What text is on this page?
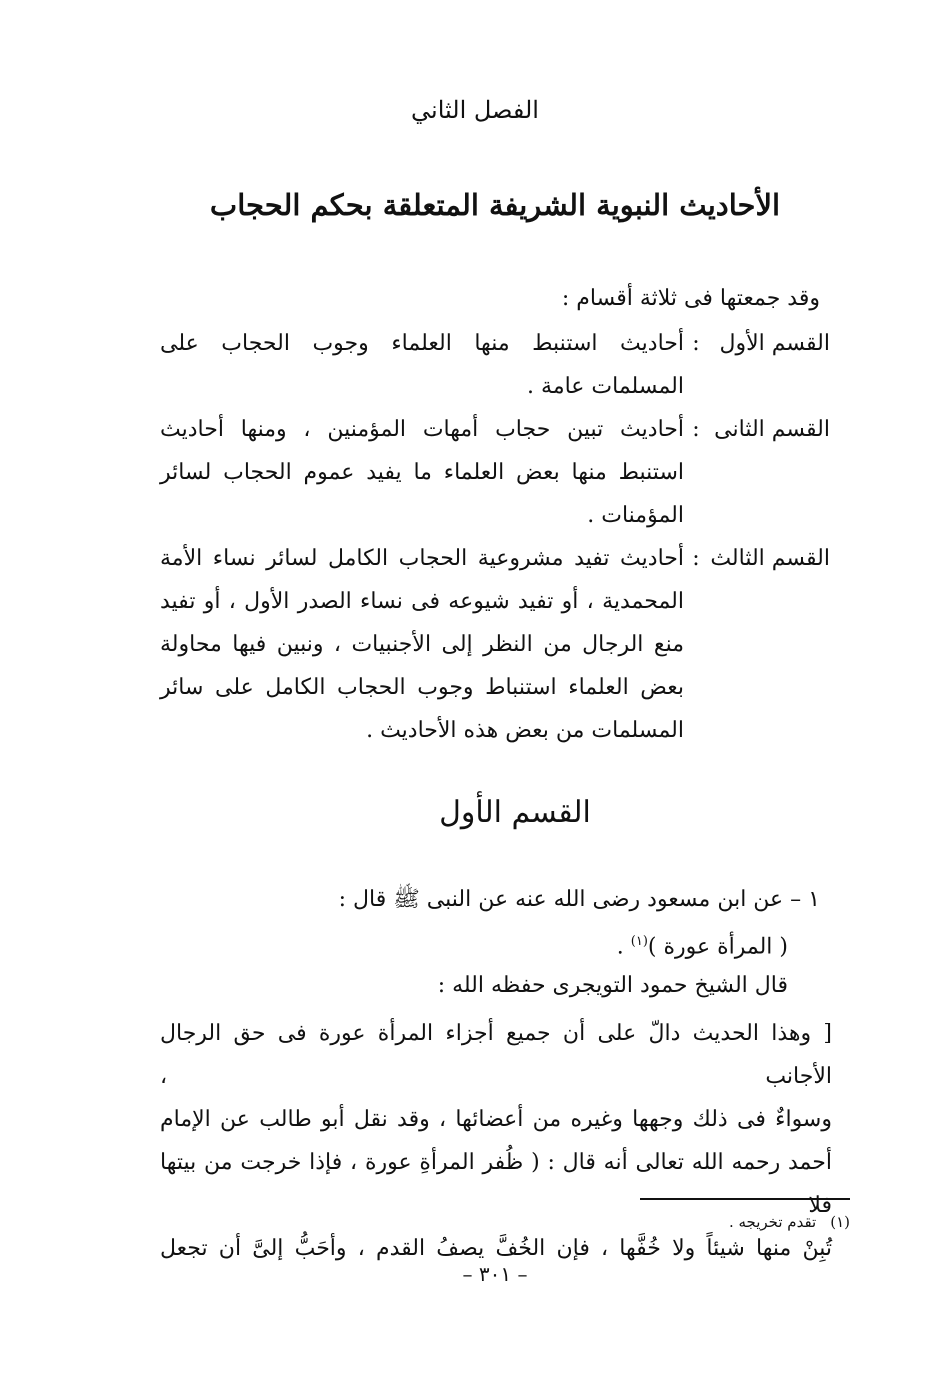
الفصل الثاني
الأحاديث النبوية الشريفة المتعلقة بحكم الحجاب
وقد جمعتها فى ثلاثة أقسام :
القسم الأول
:
أحاديث استنبط منها العلماء وجوب الحجاب على المسلمات عامة .
القسم الثانى
:
أحاديث تبين حجاب أمهات المؤمنين ، ومنها أحاديث استنبط منها بعض العلماء ما يفيد عموم الحجاب لسائر المؤمنات .
القسم الثالث
:
أحاديث تفيد مشروعية الحجاب الكامل لسائر نساء الأمة المحمدية ، أو تفيد شيوعه فى نساء الصدر الأول ، أو تفيد منع الرجال من النظر إلى الأجنبيات ، ونبين فيها محاولة بعض العلماء استنباط وجوب الحجاب الكامل على سائر المسلمات من بعض هذه الأحاديث .
القسم الأول
١ – عن ابن مسعود رضى الله عنه عن النبى ﷺ قال :
( المرأة عورة )$^{(١)}$ .
قال الشيخ حمود التويجرى حفظه الله :
[ وهذا الحديث دالّ على أن جميع أجزاء المرأة عورة فى حق الرجال الأجانب ،
وسواءٌ فى ذلك وجهها وغيره من أعضائها ، وقد نقل أبو طالب عن الإمام
أحمد رحمه الله تعالى أنه قال : ( ظُفر المرأةِ عورة ، فإذا خرجت من بيتها فلا
تُبِنْ منها شيئاً ولا خُفَّها ، فإن الخُفَّ يصفُ القدم ، وأحَبُّ إلىَّ أن تجعل
(١)تقدم تخريجه .
– ٣٠١ –
